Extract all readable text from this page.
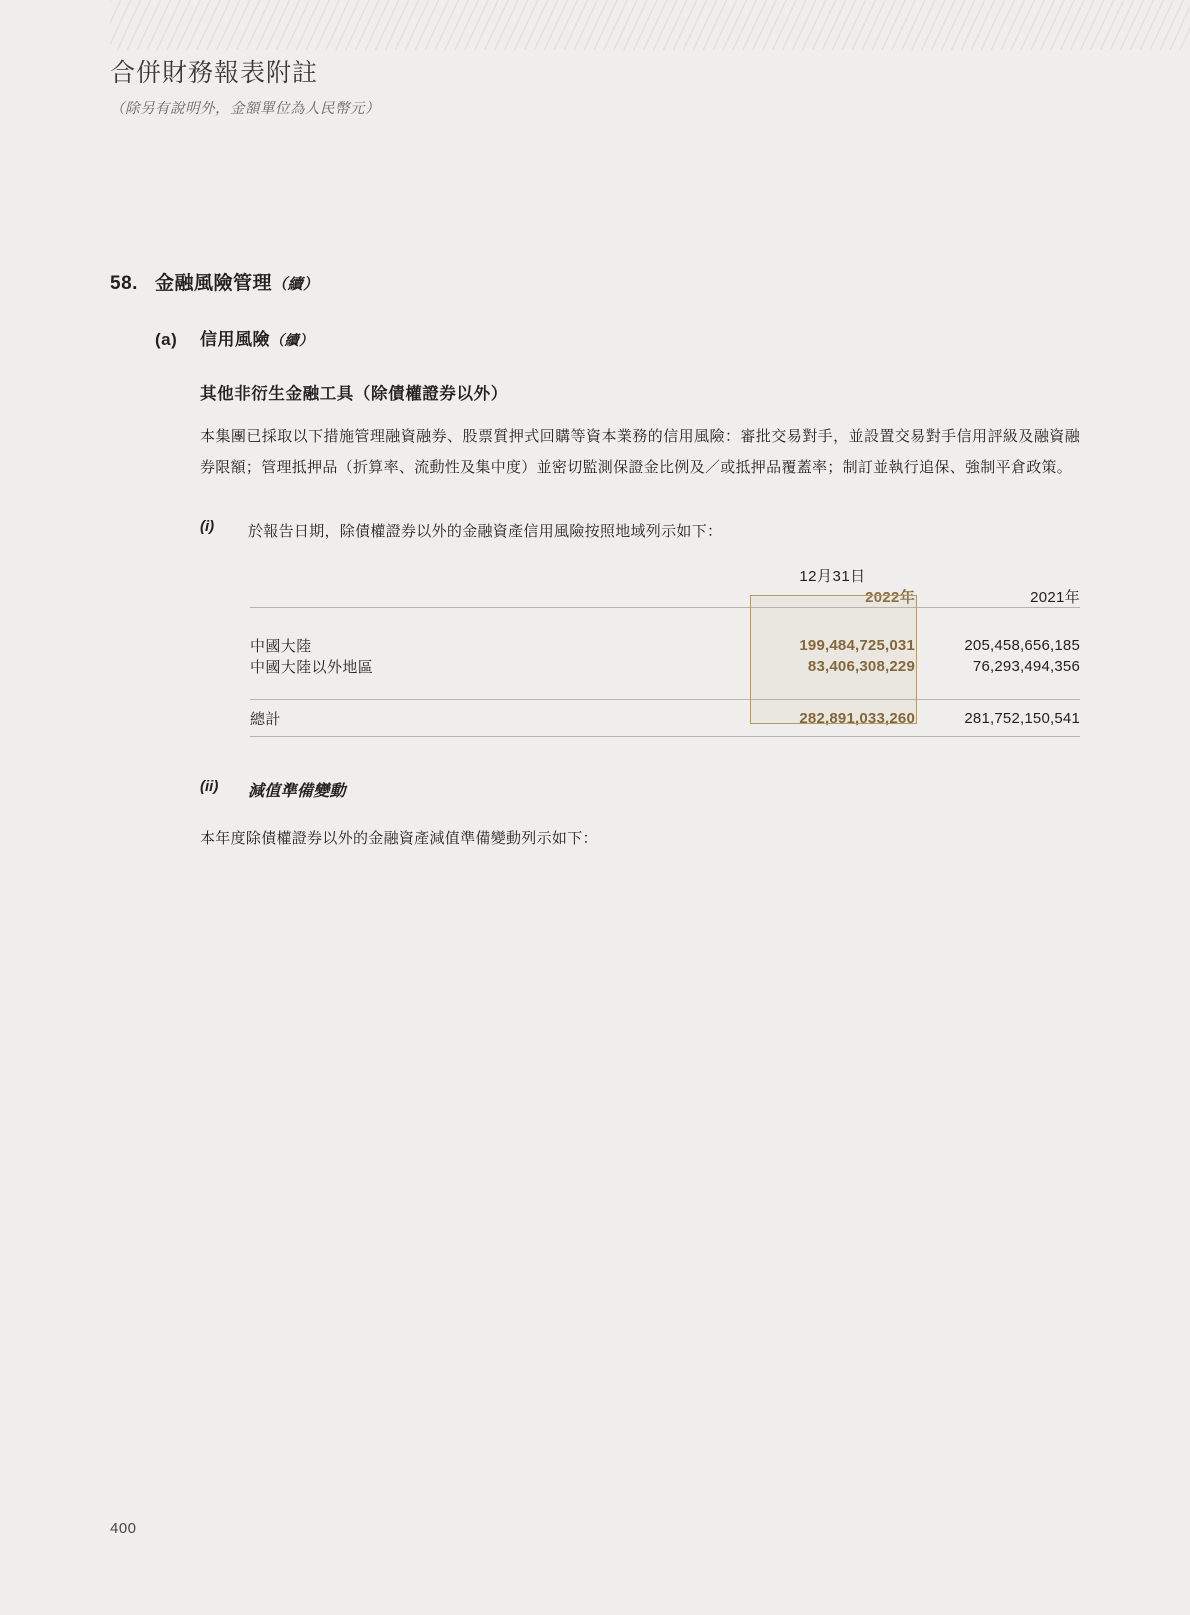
合併財務報表附註
（除另有說明外，金額單位為人民幣元）
58. 金融風險管理 （續）
(a)	信用風險 （續）
其他非衍生金融工具（除債權證券以外）
本集團已採取以下措施管理融資融券、股票質押式回購等資本業務的信用風險：審批交易對手，並設置交易對手信用評級及融資融券限額；管理抵押品（折算率、流動性及集中度）並密切監測保證金比例及／或抵押品覆蓋率；制訂並執行追保、強制平倉政策。
(i)	於報告日期，除債權證券以外的金融資產信用風險按照地域列示如下：
	12月31日	
	2022年	2021年

中國大陸	199,484,725,031	205,458,656,185
中國大陸以外地區	83,406,308,229	76,293,494,356

總計	282,891,033,260	281,752,150,541

(ii)	減值準備變動
本年度除債權證券以外的金融資產減值準備變動列示如下：
400
